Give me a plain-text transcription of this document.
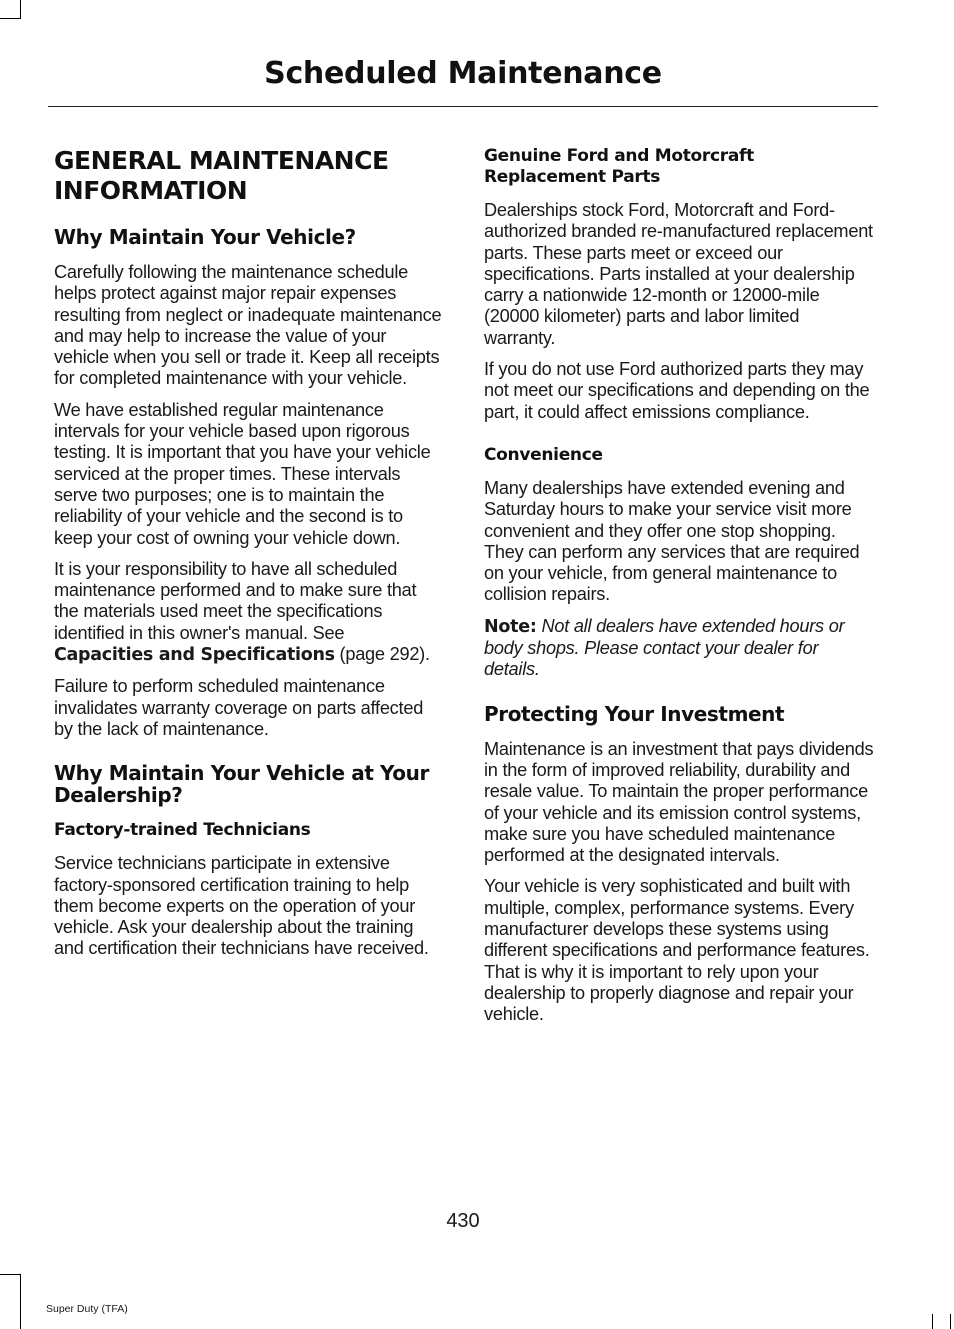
Scheduled Maintenance
GENERAL MAINTENANCE INFORMATION
Why Maintain Your Vehicle?

Carefully following the maintenance schedule helps protect against major repair expenses resulting from neglect or inadequate maintenance and may help to increase the value of your vehicle when you sell or trade it. Keep all receipts for completed maintenance with your vehicle.

We have established regular maintenance intervals for your vehicle based upon rigorous testing. It is important that you have your vehicle serviced at the proper times. These intervals serve two purposes; one is to maintain the reliability of your vehicle and the second is to keep your cost of owning your vehicle down.

It is your responsibility to have all scheduled maintenance performed and to make sure that the materials used meet the specifications identified in this owner's manual. See Capacities and Specifications (page 292).

Failure to perform scheduled maintenance invalidates warranty coverage on parts affected by the lack of maintenance.

Why Maintain Your Vehicle at Your Dealership?
Factory-trained Technicians

Service technicians participate in extensive factory-sponsored certification training to help them become experts on the operation of your vehicle. Ask your dealership about the training and certification their technicians have received.

Genuine Ford and Motorcraft Replacement Parts

Dealerships stock Ford, Motorcraft and Ford-authorized branded re-manufactured replacement parts. These parts meet or exceed our specifications. Parts installed at your dealership carry a nationwide 12-month or 12000-mile (20000 kilometer) parts and labor limited warranty.

If you do not use Ford authorized parts they may not meet our specifications and depending on the part, it could affect emissions compliance.

Convenience

Many dealerships have extended evening and Saturday hours to make your service visit more convenient and they offer one stop shopping. They can perform any services that are required on your vehicle, from general maintenance to collision repairs.

Note: Not all dealers have extended hours or body shops. Please contact your dealer for details.

Protecting Your Investment

Maintenance is an investment that pays dividends in the form of improved reliability, durability and resale value. To maintain the proper performance of your vehicle and its emission control systems, make sure you have scheduled maintenance performed at the designated intervals.

Your vehicle is very sophisticated and built with multiple, complex, performance systems. Every manufacturer develops these systems using different specifications and performance features. That is why it is important to rely upon your dealership to properly diagnose and repair your vehicle.

430
Super Duty (TFA)
